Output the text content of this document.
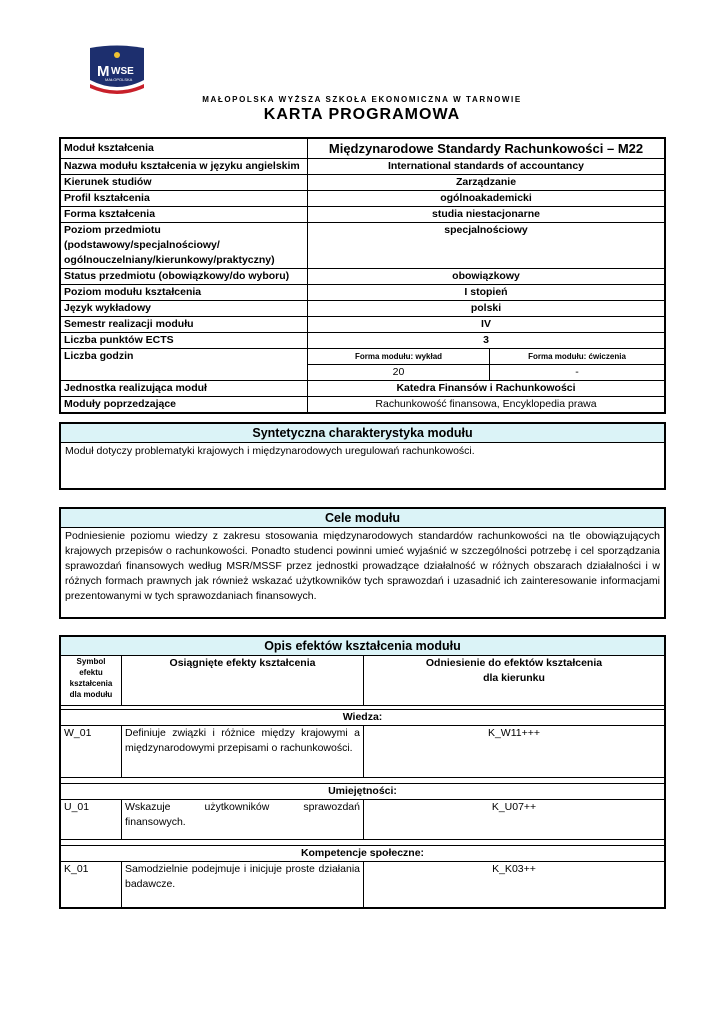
M WSE
MAŁOPOLSKA
MAŁOPOLSKA WYŻSZA SZKOŁA EKONOMICZNA W TARNOWIE
KARTA PROGRAMOWA
Moduł kształcenia	Międzynarodowe Standardy Rachunkowości – M22	
Nazwa modułu kształcenia w języku angielskim	International standards of accountancy	
Kierunek studiów	Zarządzanie	
Profil kształcenia	ogólnoakademicki	
Forma kształcenia	studia niestacjonarne	

Poziom przedmiotu
(podstawowy/specjalnościowy/
ogólnouczelniany/kierunkowy/praktyczny)	specjalnościowy	
Status przedmiotu (obowiązkowy/do wyboru)	obowiązkowy	
Poziom modułu kształcenia	I stopień	
Język wykładowy	polski	
Semestr realizacji modułu	IV	
Liczba punktów ECTS	3	
Liczba godzin	Forma modułu: wykład	Forma modułu: ćwiczenia
	20	-
Jednostka realizująca moduł	Katedra Finansów i Rachunkowości	
Moduły poprzedzające	Rachunkowość finansowa, Encyklopedia prawa	
Syntetyczna charakterystyka modułu
Moduł dotyczy problematyki krajowych i międzynarodowych uregulowań rachunkowości.
Cele modułu
Podniesienie poziomu wiedzy z zakresu stosowania międzynarodowych standardów rachunkowości na tle obowiązujących krajowych przepisów o rachunkowości. Ponadto studenci powinni umieć wyjaśnić w szczególności potrzebę i cel sporządzania sprawozdań finansowych według MSR/MSSF przez jednostki prowadzące działalność w różnych obszarach działalności i w różnych formach prawnych jak również wskazać użytkowników tych sprawozdań i uzasadnić ich zainteresowanie informacjami prezentowanymi w tych sprawozdaniach finansowych.
Opis efektów kształcenia modułu		
Symbol efektu kształcenia dla modułu	Osiągnięte efekty kształcenia	Odniesienie do efektów kształcenia
dla kierunku

Wiedza:		
W_01	Definiuje związki i różnice między krajowymi a międzynarodowymi przepisami o rachunkowości.	K_W11+++

Umiejętności:		
U_01	Wskazuje użytkowników sprawozdań finansowych.	K_U07++

Kompetencje społeczne:		
K_01	Samodzielnie podejmuje i inicjuje proste działania badawcze.	K_K03++
